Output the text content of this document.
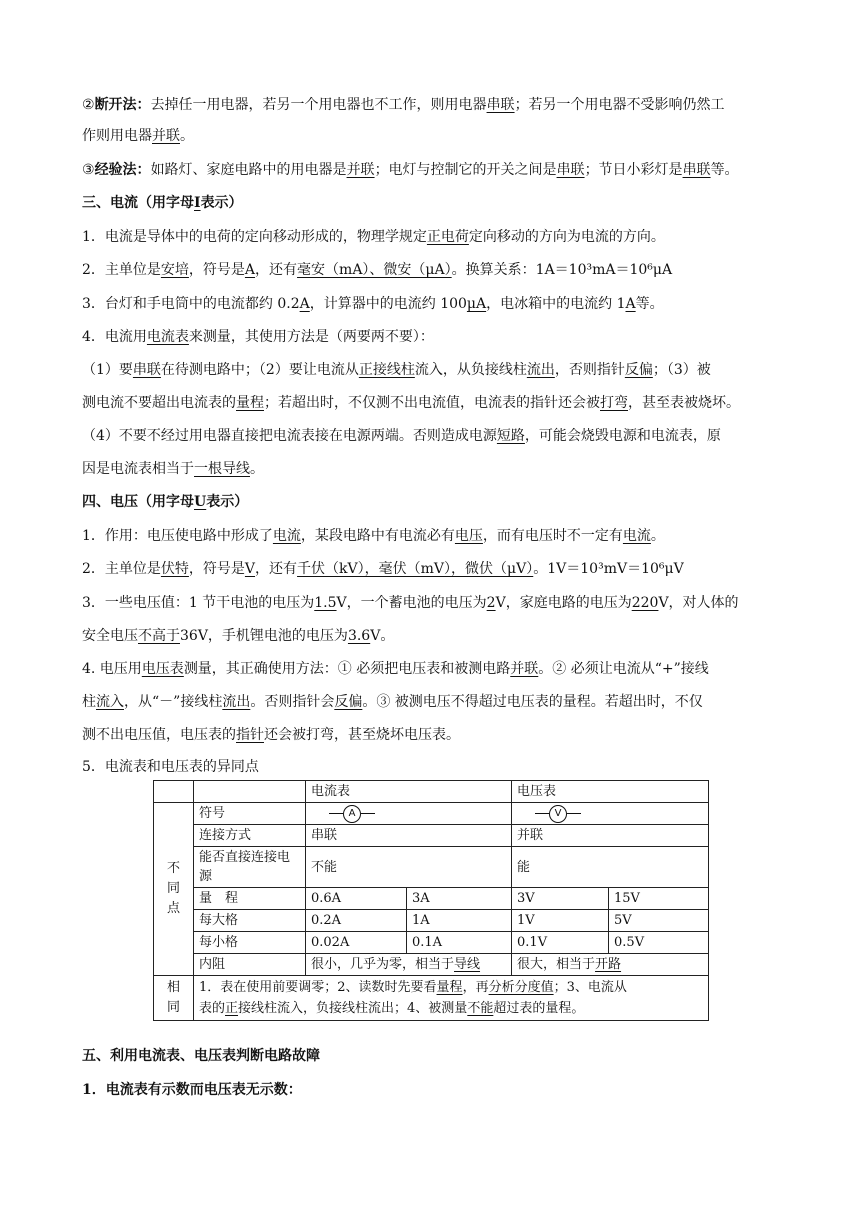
②断开法：去掉任一用电器，若另一个用电器也不工作，则用电器串联；若另一个用电器不受影响仍然工
作则用电器并联。
③经验法：如路灯、家庭电路中的用电器是并联；电灯与控制它的开关之间是串联；节日小彩灯是串联等。
三、电流（用字母I表示）
1．电流是导体中的电荷的定向移动形成的，物理学规定正电荷定向移动的方向为电流的方向。
2．主单位是安培，符号是A，还有毫安（mA）、微安（μA）。换算关系：1A＝10³mA＝10⁶μA
3．台灯和手电筒中的电流都约 0.2A，计算器中的电流约 100μA，电冰箱中的电流约 1A等。
4．电流用电流表来测量，其使用方法是（两要两不要）：
（1）要串联在待测电路中；（2）要让电流从正接线柱流入，从负接线柱流出，否则指针反偏；（3）被
测电流不要超出电流表的量程；若超出时，不仅测不出电流值，电流表的指针还会被打弯，甚至表被烧坏。
（4）不要不经过用电器直接把电流表接在电源两端。否则造成电源短路，可能会烧毁电源和电流表，原
因是电流表相当于一根导线。
四、电压（用字母U表示）
1．作用：电压使电路中形成了电流，某段电路中有电流必有电压，而有电压时不一定有电流。
2．主单位是伏特，符号是V，还有千伏（kV），毫伏（mV），微伏（μV）。1V＝10³mV＝10⁶μV
3．一些电压值：1 节干电池的电压为1.5V，一个蓄电池的电压为2V，家庭电路的电压为220V，对人体的
安全电压不高于36V，手机锂电池的电压为3.6V。
4. 电压用电压表测量，其正确使用方法：① 必须把电压表和被测电路并联。② 必须让电流从“+”接线
柱流入，从“－”接线柱流出。否则指针会反偏。③ 被测电压不得超过电压表的量程。若超出时，不仅
测不出电压值，电压表的指针还会被打弯，甚至烧坏电压表。
5．电流表和电压表的异同点
		电流表		电压表	
不同点	符号	A		V	

	连接方式	串联		并联	
	能否直接连接电源	不能		能	
	量　程	0.6A	3A	3V	15V
	每大格	0.2A	1A	1V	5V
	每小格	0.02A	0.1A	0.1V	0.5V
	内阻	很小，几乎为零，相当于导线		很大，相当于开路	
相同	1．表在使用前要调零；2、读数时先要看量程，再分析分度值；3、电流从
表的正接线柱流入，负接线柱流出；4、被测量不能超过表的量程。				
五、利用电流表、电压表判断电路故障
1．电流表有示数而电压表无示数：
